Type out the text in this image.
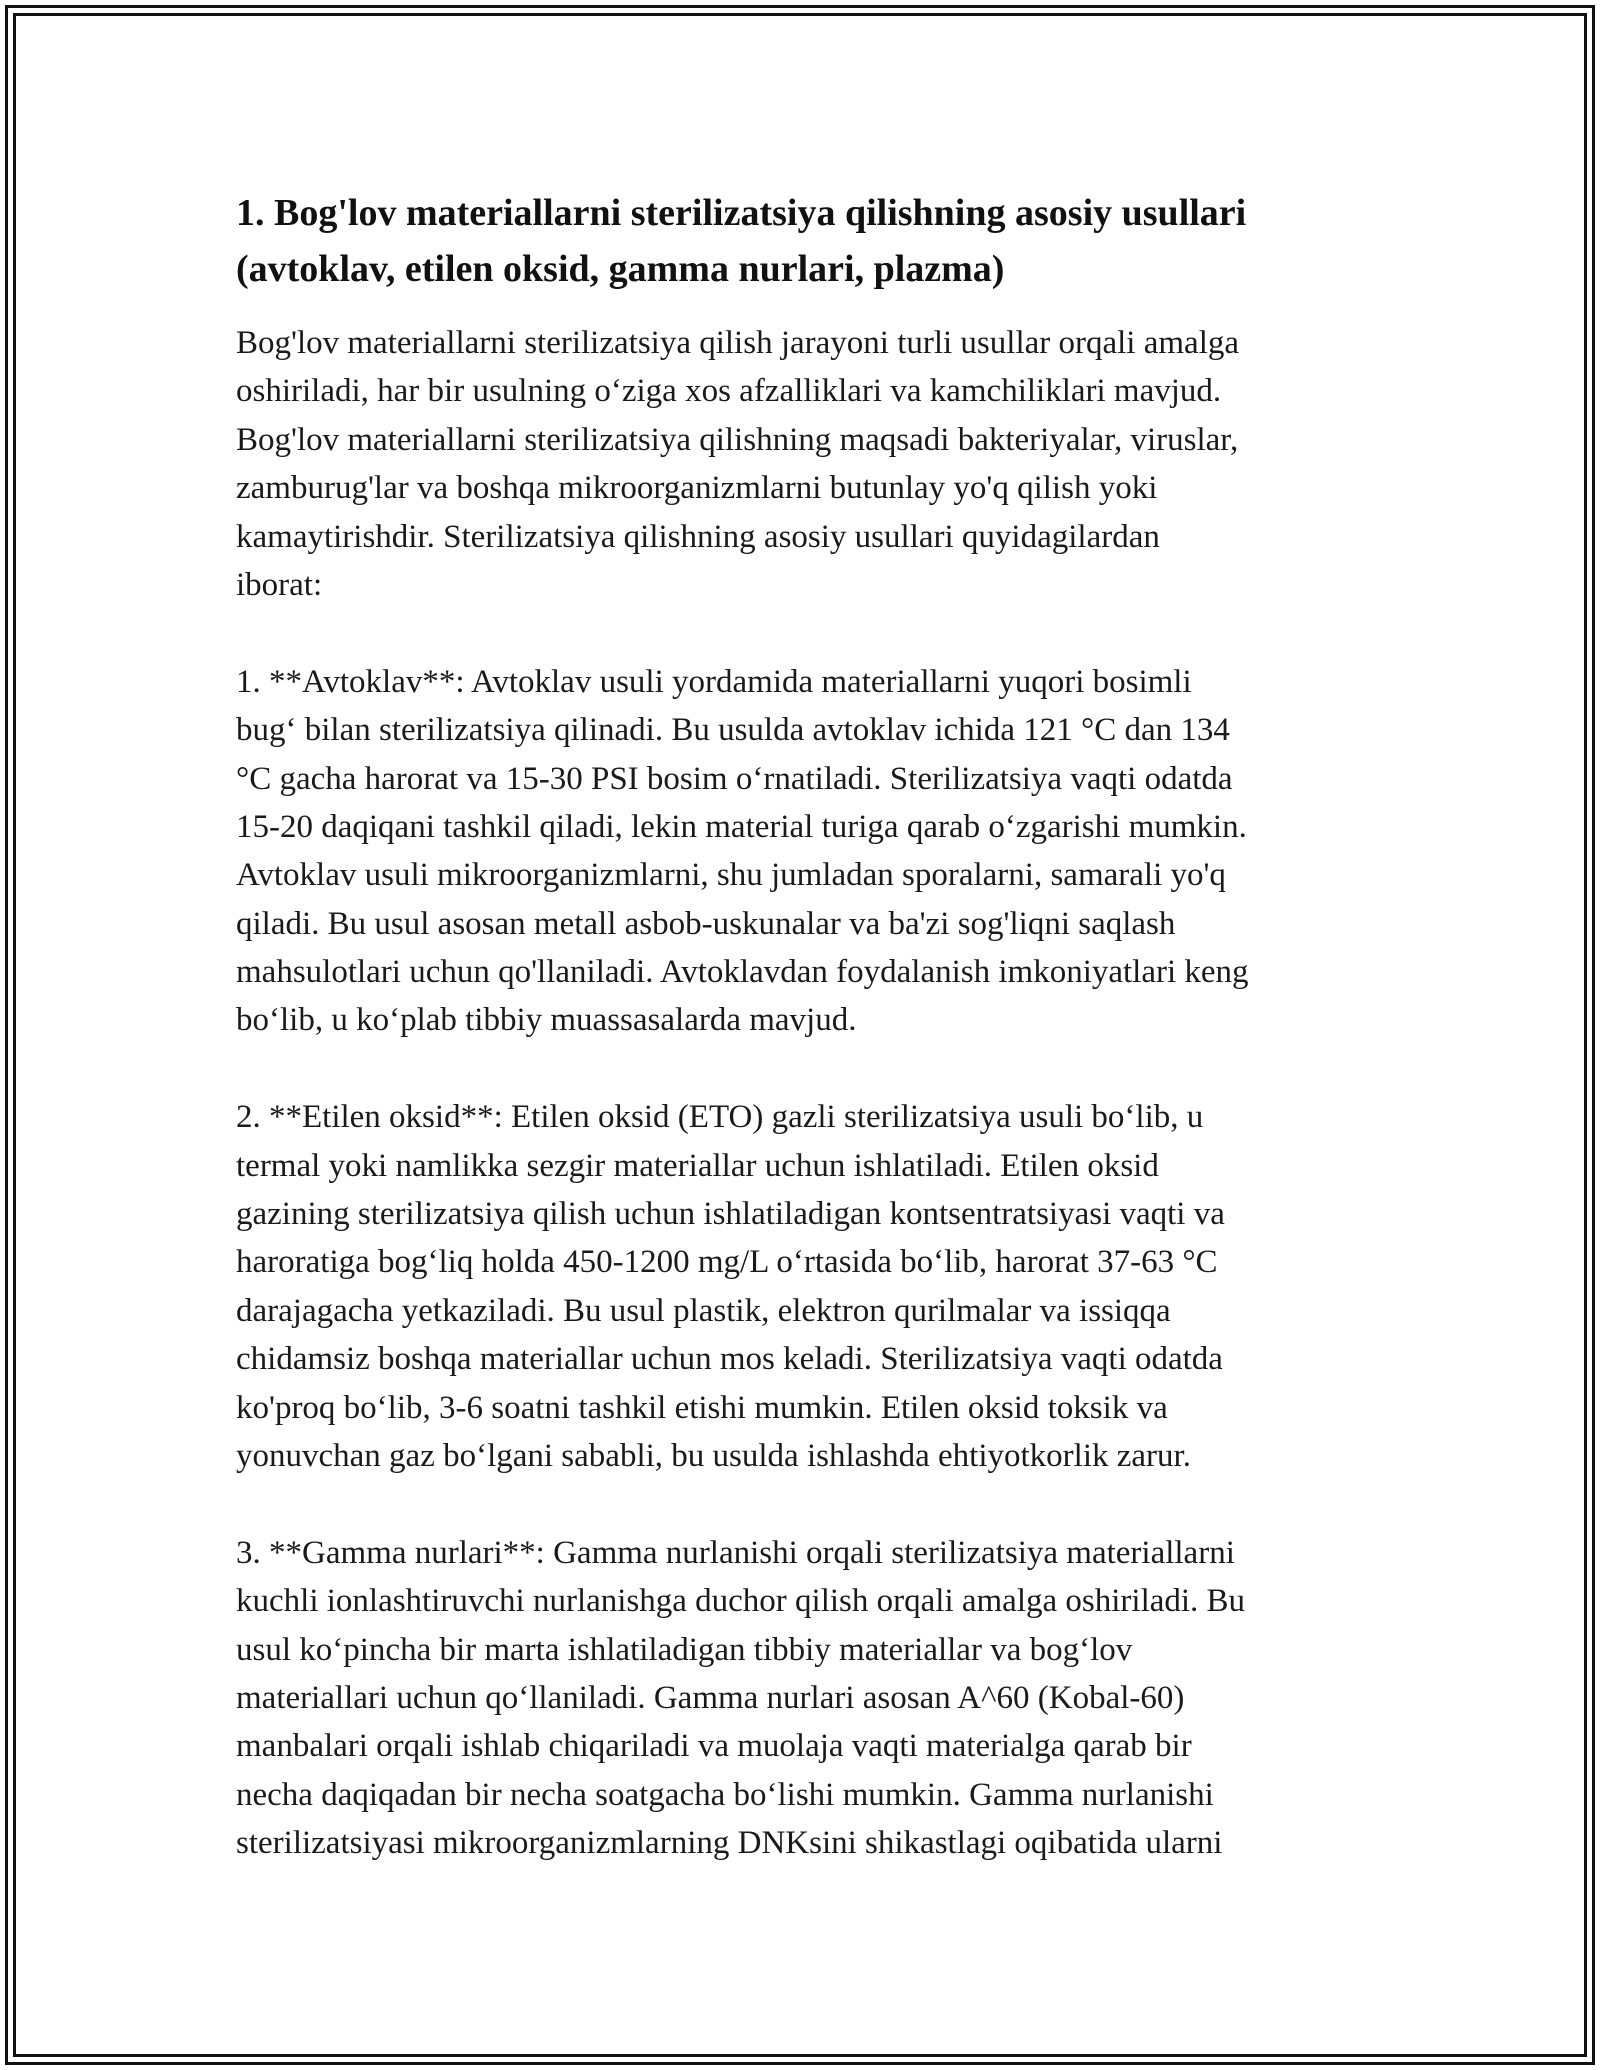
1. Bog'lov materiallarni sterilizatsiya qilishning asosiy usullari
(avtoklav, etilen oksid, gamma nurlari, plazma)
Bog'lov materiallarni sterilizatsiya qilish jarayoni turli usullar orqali amalga
oshiriladi, har bir usulning o‘ziga xos afzalliklari va kamchiliklari mavjud.
Bog'lov materiallarni sterilizatsiya qilishning maqsadi bakteriyalar, viruslar,
zamburug'lar va boshqa mikroorganizmlarni butunlay yo'q qilish yoki
kamaytirishdir. Sterilizatsiya qilishning asosiy usullari quyidagilardan
iborat:
1. **Avtoklav**: Avtoklav usuli yordamida materiallarni yuqori bosimli
bug‘ bilan sterilizatsiya qilinadi. Bu usulda avtoklav ichida 121 °C dan 134
°C gacha harorat va 15-30 PSI bosim o‘rnatiladi. Sterilizatsiya vaqti odatda
15-20 daqiqani tashkil qiladi, lekin material turiga qarab o‘zgarishi mumkin.
Avtoklav usuli mikroorganizmlarni, shu jumladan sporalarni, samarali yo'q
qiladi. Bu usul asosan metall asbob-uskunalar va ba'zi sog'liqni saqlash
mahsulotlari uchun qo'llaniladi. Avtoklavdan foydalanish imkoniyatlari keng
bo‘lib, u ko‘plab tibbiy muassasalarda mavjud.
2. **Etilen oksid**: Etilen oksid (ETO) gazli sterilizatsiya usuli bo‘lib, u
termal yoki namlikka sezgir materiallar uchun ishlatiladi. Etilen oksid
gazining sterilizatsiya qilish uchun ishlatiladigan kontsentratsiyasi vaqti va
haroratiga bog‘liq holda 450-1200 mg/L o‘rtasida bo‘lib, harorat 37-63 °C
darajagacha yetkaziladi. Bu usul plastik, elektron qurilmalar va issiqqa
chidamsiz boshqa materiallar uchun mos keladi. Sterilizatsiya vaqti odatda
ko'proq bo‘lib, 3-6 soatni tashkil etishi mumkin. Etilen oksid toksik va
yonuvchan gaz bo‘lgani sababli, bu usulda ishlashda ehtiyotkorlik zarur.
3. **Gamma nurlari**: Gamma nurlanishi orqali sterilizatsiya materiallarni
kuchli ionlashtiruvchi nurlanishga duchor qilish orqali amalga oshiriladi. Bu
usul ko‘pincha bir marta ishlatiladigan tibbiy materiallar va bog‘lov
materiallari uchun qo‘llaniladi. Gamma nurlari asosan A^60 (Kobal-60)
manbalari orqali ishlab chiqariladi va muolaja vaqti materialga qarab bir
necha daqiqadan bir necha soatgacha bo‘lishi mumkin. Gamma nurlanishi
sterilizatsiyasi mikroorganizmlarning DNKsini shikastlagi oqibatida ularni
